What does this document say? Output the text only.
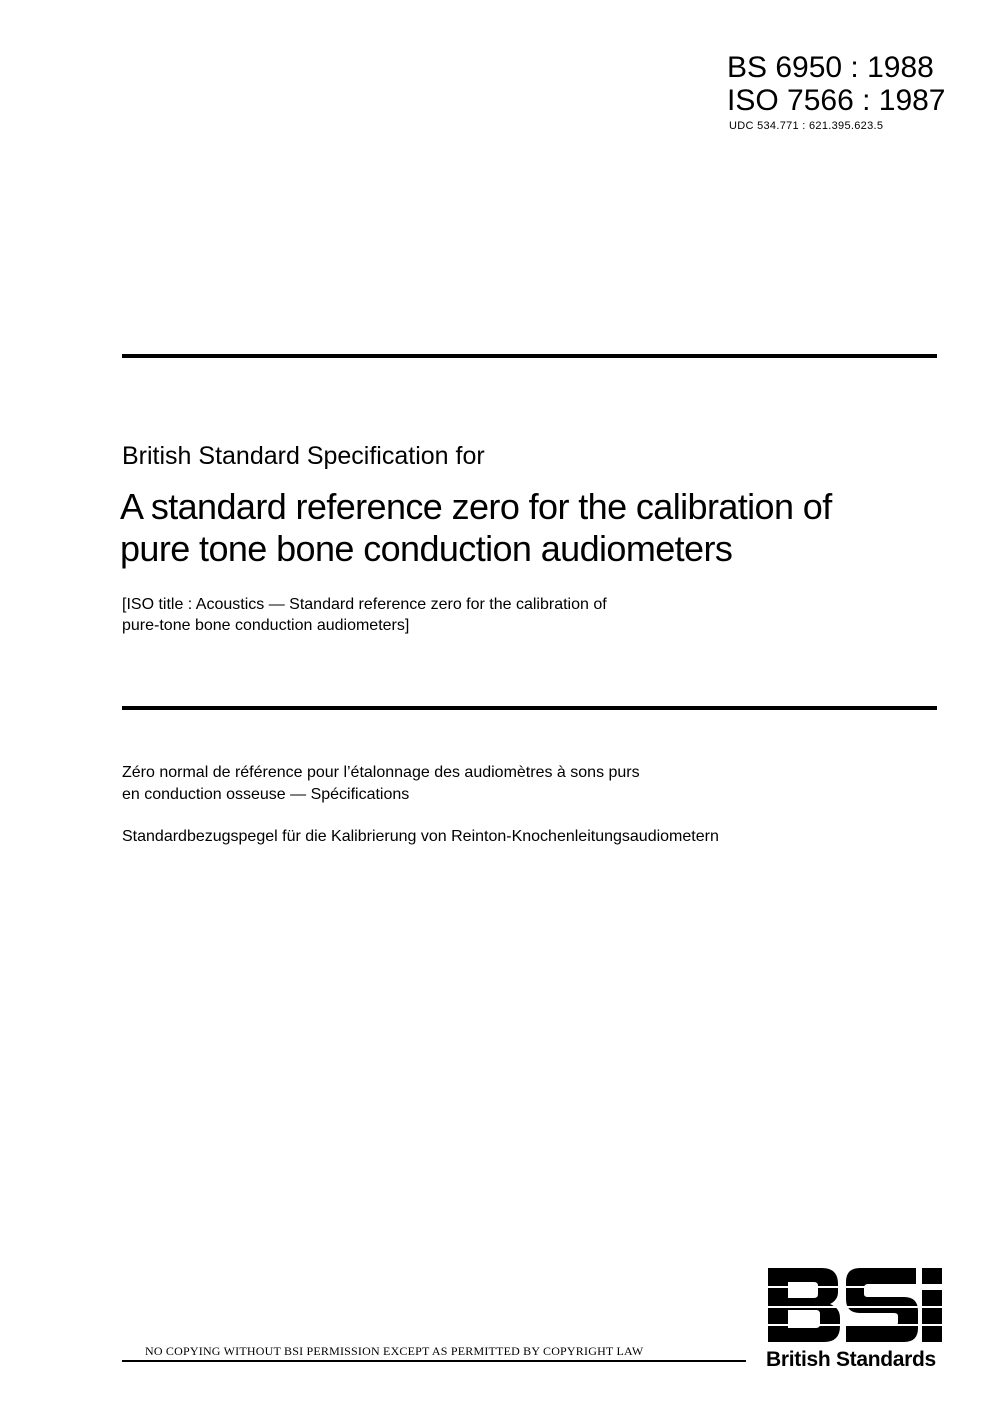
BS 6950 : 1988
ISO 7566 : 1987
UDC 534.771 : 621.395.623.5
British Standard Specification for
A standard reference zero for the calibration of
pure tone bone conduction audiometers
[ISO title : Acoustics — Standard reference zero for the calibration of
pure-tone bone conduction audiometers]
Zéro normal de référence pour l’étalonnage des audiomètres à sons purs
en conduction osseuse — Spécifications
Standardbezugspegel für die Kalibrierung von Reinton-Knochenleitungsaudiometern
NO COPYING WITHOUT BSI PERMISSION EXCEPT AS PERMITTED BY COPYRIGHT LAW	British Standards
